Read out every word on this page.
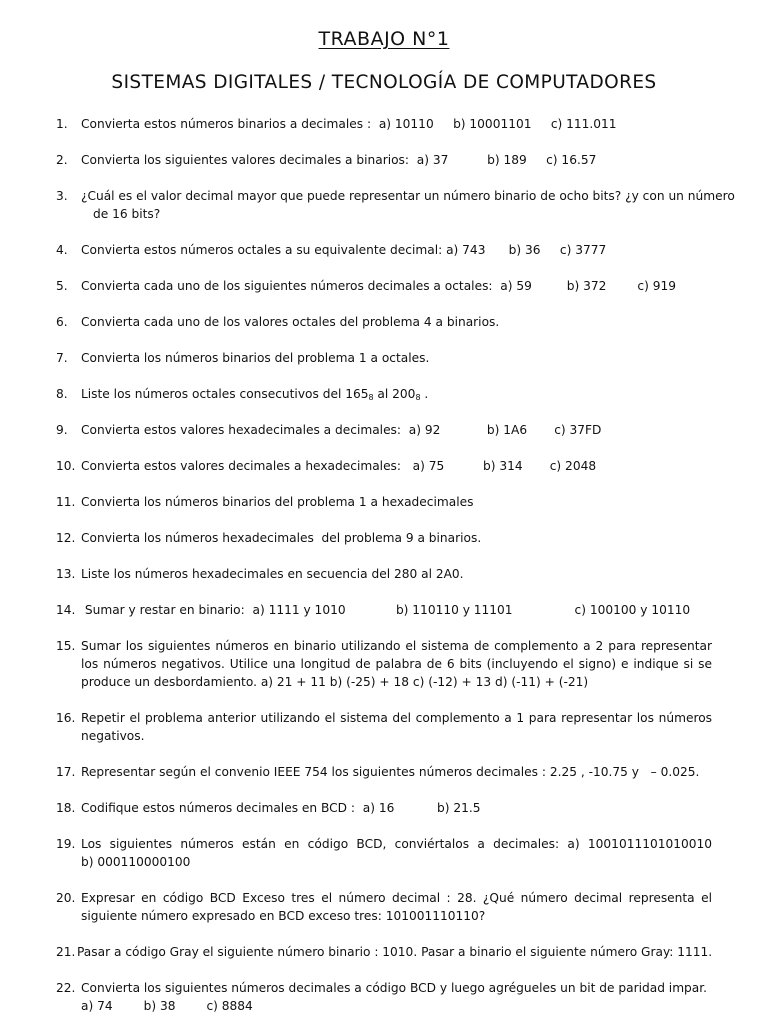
TRABAJO N°1
SISTEMAS DIGITALES / TECNOLOGÍA DE COMPUTADORES
1. Convierta estos números binarios a decimales :  a) 10110     b) 10001101     c) 111.011
2. Convierta los siguientes valores decimales a binarios:  a) 37          b) 189     c) 16.57
3. ¿Cuál es el valor decimal mayor que puede representar un número binario de ocho bits? ¿y con un número
de 16 bits?
4. Convierta estos números octales a su equivalente decimal: a) 743      b) 36     c) 3777
5. Convierta cada uno de los siguientes números decimales a octales:  a) 59         b) 372        c) 919
6. Convierta cada uno de los valores octales del problema 4 a binarios.
7. Convierta los números binarios del problema 1 a octales.
8. Liste los números octales consecutivos del $165_8$ al $200_8$ .
9. Convierta estos valores hexadecimales a decimales:  a) 92            b) 1A6       c) 37FD
10. Convierta estos valores decimales a hexadecimales:   a) 75          b) 314       c) 2048
11. Convierta los números binarios del problema 1 a hexadecimales
12. Convierta los números hexadecimales  del problema 9 a binarios.
13. Liste los números hexadecimales en secuencia del 280 al 2A0.
14. Sumar y restar en binario:  a) 1111 y 1010             b) 110110 y 11101                c) 100100 y 10110
15. Sumar los siguientes números en binario utilizando el sistema de complemento a 2 para representar los números negativos. Utilice una longitud de palabra de 6 bits (incluyendo el signo) e indique si se produce un desbordamiento. a) 21 + 11 b) (-25) + 18 c) (-12) + 13 d) (-11) + (-21)
16. Repetir el problema anterior utilizando el sistema del complemento a 1 para representar los números negativos.
17. Representar según el convenio IEEE 754 los siguientes números decimales : 2.25 , -10.75 y   – 0.025.
18. Codifique estos números decimales en BCD :  a) 16           b) 21.5
19. Los siguientes números están en código BCD, conviértalos a decimales: a) 1001011101010010
b) 000110000100
20. Expresar en código BCD Exceso tres el número decimal : 28. ¿Qué número decimal representa el siguiente número expresado en BCD exceso tres: 101001110110?
21. Pasar a código Gray el siguiente número binario : 1010. Pasar a binario el siguiente número Gray: 1111.
22. Convierta los siguientes números decimales a código BCD y luego agrégueles un bit de paridad impar.
a) 74        b) 38        c) 8884
